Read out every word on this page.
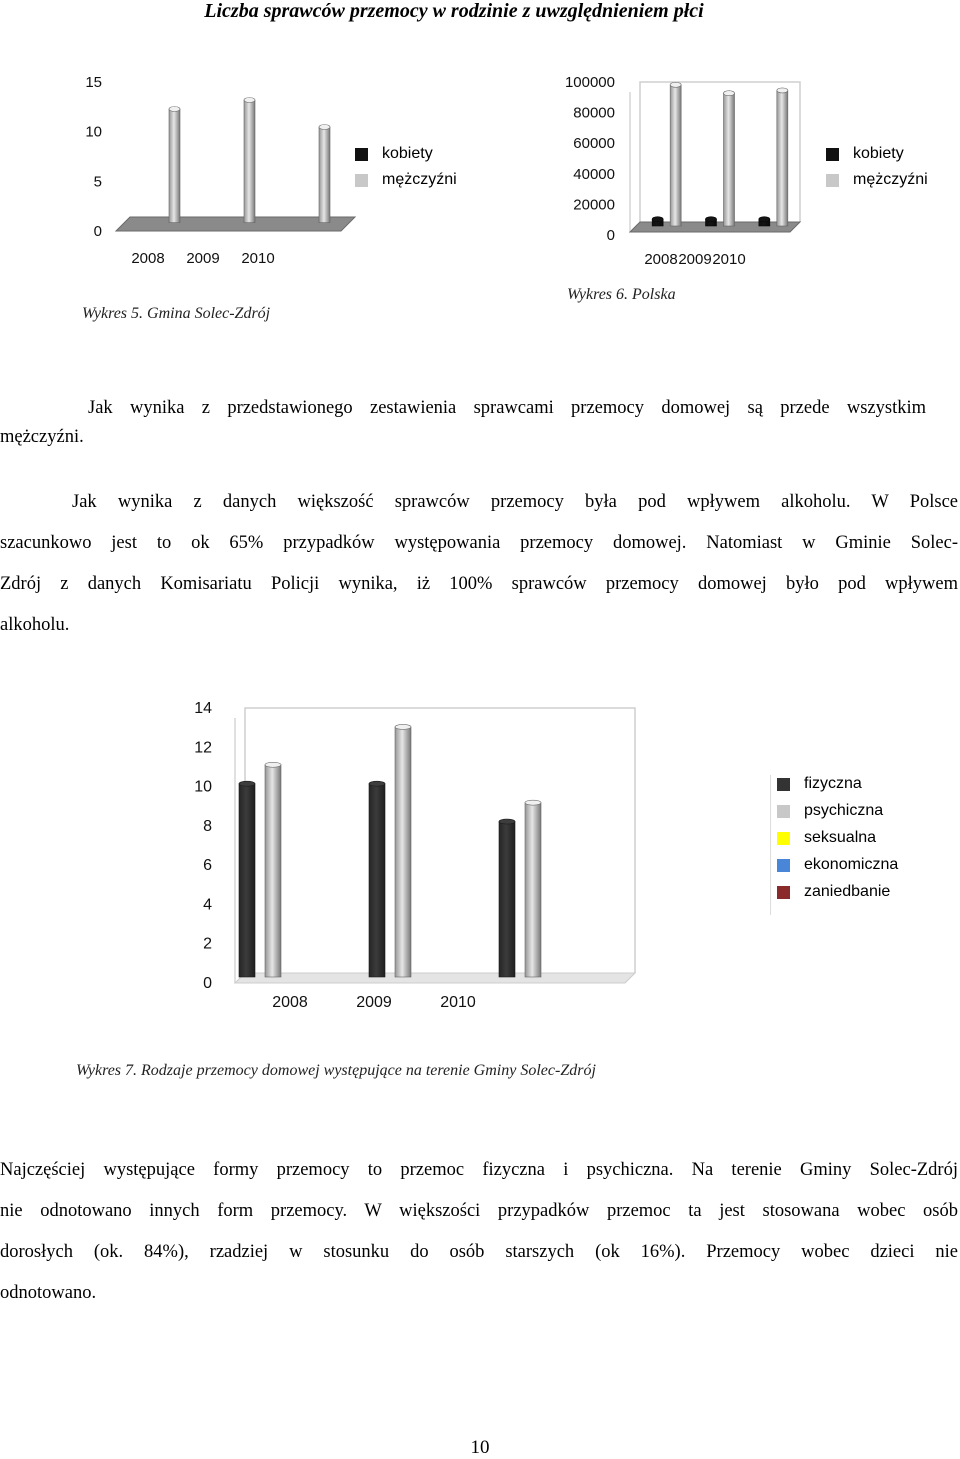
Liczba sprawców przemocy w rodzinie z uwzględnieniem płci
15
10
5
0
2008 2009 2010
kobiety
mężczyźni
Wykres 5. Gmina Solec-Zdrój
100000
80000
60000
40000
20000
0
2008 2009 2010
kobiety
mężczyźni
Wykres 6. Polska
Jak wynika z przedstawionego zestawienia sprawcami przemocy domowej są przede wszystkim
mężczyźni.
Jak wynika z danych większość sprawców przemocy była pod wpływem alkoholu. W Polsce
szacunkowo jest to ok 65% przypadków występowania przemocy domowej. Natomiast w Gminie Solec-
Zdrój z danych Komisariatu Policji wynika, iż 100% sprawców przemocy domowej było pod wpływem
alkoholu.
14
12
10
8
6
4
2
0
2008	2009	2010
fizyczna
psychiczna
seksualna
ekonomiczna
zaniedbanie
Wykres 7. Rodzaje przemocy domowej występujące na terenie Gminy Solec-Zdrój
Najczęściej występujące formy przemocy to przemoc fizyczna i psychiczna. Na terenie Gminy Solec-Zdrój
nie odnotowano innych form przemocy. W większości przypadków przemoc ta jest stosowana wobec osób
dorosłych (ok. 84%), rzadziej w stosunku do osób starszych (ok 16%). Przemocy wobec dzieci nie
odnotowano.
10
